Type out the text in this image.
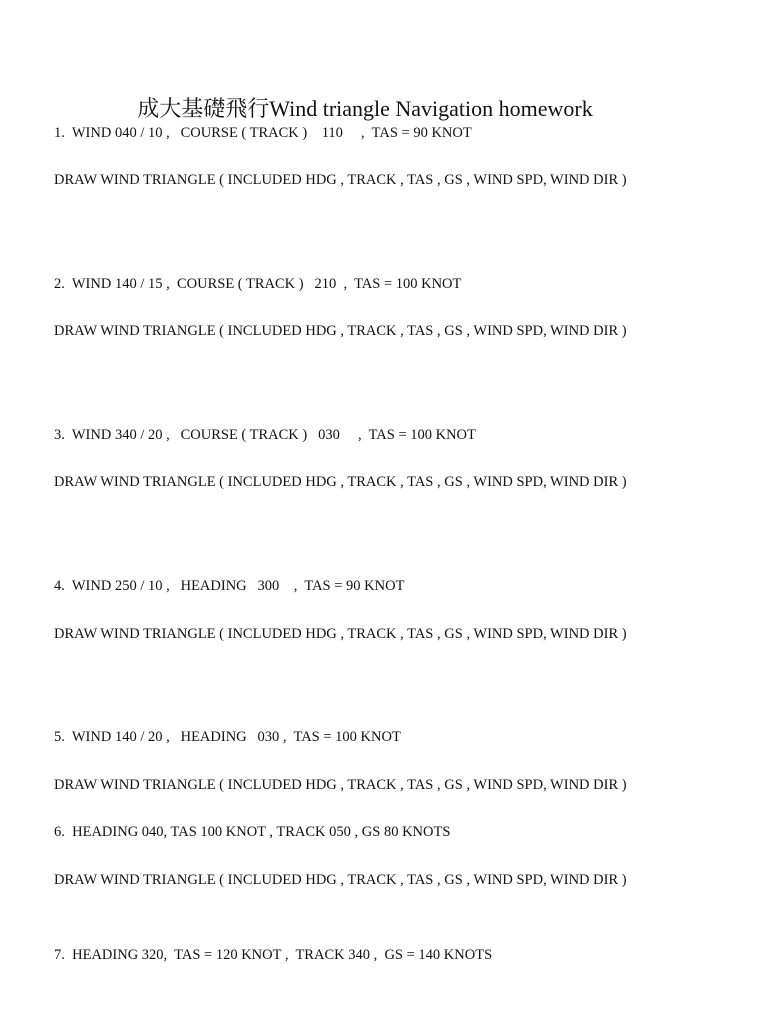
成大基礎飛行Wind triangle Navigation homework
1.  WIND 040 / 10 ,   COURSE ( TRACK )    110     ,  TAS = 90 KNOT
DRAW WIND TRIANGLE ( INCLUDED HDG , TRACK , TAS , GS , WIND SPD, WIND DIR )
2.  WIND 140 / 15 ,  COURSE ( TRACK )   210  ,  TAS = 100 KNOT
DRAW WIND TRIANGLE ( INCLUDED HDG , TRACK , TAS , GS , WIND SPD, WIND DIR )
3.  WIND 340 / 20 ,   COURSE ( TRACK )   030     ,  TAS = 100 KNOT
DRAW WIND TRIANGLE ( INCLUDED HDG , TRACK , TAS , GS , WIND SPD, WIND DIR )
4.  WIND 250 / 10 ,   HEADING   300    ,  TAS = 90 KNOT
DRAW WIND TRIANGLE ( INCLUDED HDG , TRACK , TAS , GS , WIND SPD, WIND DIR )
5.  WIND 140 / 20 ,   HEADING   030 ,  TAS = 100 KNOT
DRAW WIND TRIANGLE ( INCLUDED HDG , TRACK , TAS , GS , WIND SPD, WIND DIR )
6.  HEADING 040, TAS 100 KNOT , TRACK 050 , GS 80 KNOTS
DRAW WIND TRIANGLE ( INCLUDED HDG , TRACK , TAS , GS , WIND SPD, WIND DIR )
7.  HEADING 320,  TAS = 120 KNOT ,  TRACK 340 ,  GS = 140 KNOTS
